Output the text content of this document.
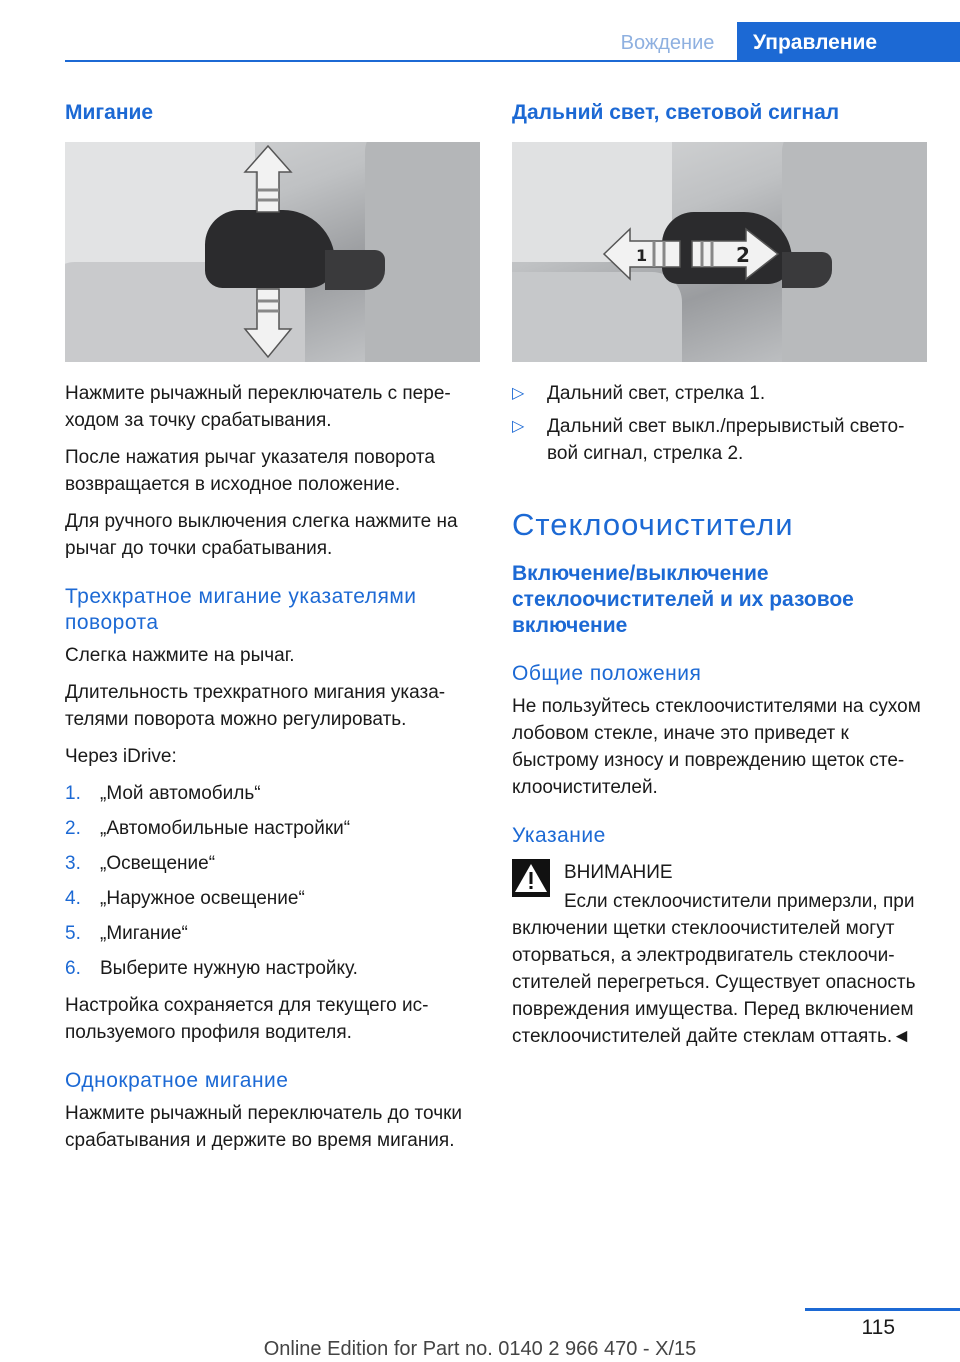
Вождение	Управление
Мигание

Нажмите рычажный переключатель с переходом за точку срабатывания.

После нажатия рычаг указателя поворота возвращается в исходное положение.

Для ручного выключения слегка нажмите на рычаг до точки срабатывания.

Трехкратное мигание указателями поворота

Слегка нажмите на рычаг.

Длительность трехкратного мигания указателями поворота можно регулировать.

Через iDrive:

1. „Мой автомобиль“
2. „Автомобильные настройки“
3. „Освещение“
4. „Наружное освещение“
5. „Мигание“
6. Выберите нужную настройку.

Настройка сохраняется для текущего используемого профиля водителя.

Однократное мигание

Нажмите рычажный переключатель до точки срабатывания и держите во время мигания.

Дальний свет, световой сигнал
1	2
▷ Дальний свет, стрелка 1.
▷ Дальний свет выкл./прерывистый световой сигнал, стрелка 2.
Стеклоочистители
Включение/выключение стеклоочистителей и их разовое включение
Общие положения

Не пользуйтесь стеклоочистителями на сухом лобовом стекле, иначе это приведет к быстрому износу и повреждению щеток стеклоочистителей.

Указание

ВНИМАНИЕ

Если стеклоочистители примерзли, при включении щетки стеклоочистителей могут оторваться, а электродвигатель стеклоочистителей перегреться. Существует опасность повреждения имущества. Перед включением стеклоочистителей дайте стеклам оттаять.◄

115
Online Edition for Part no. 0140 2 966 470 - X/15
